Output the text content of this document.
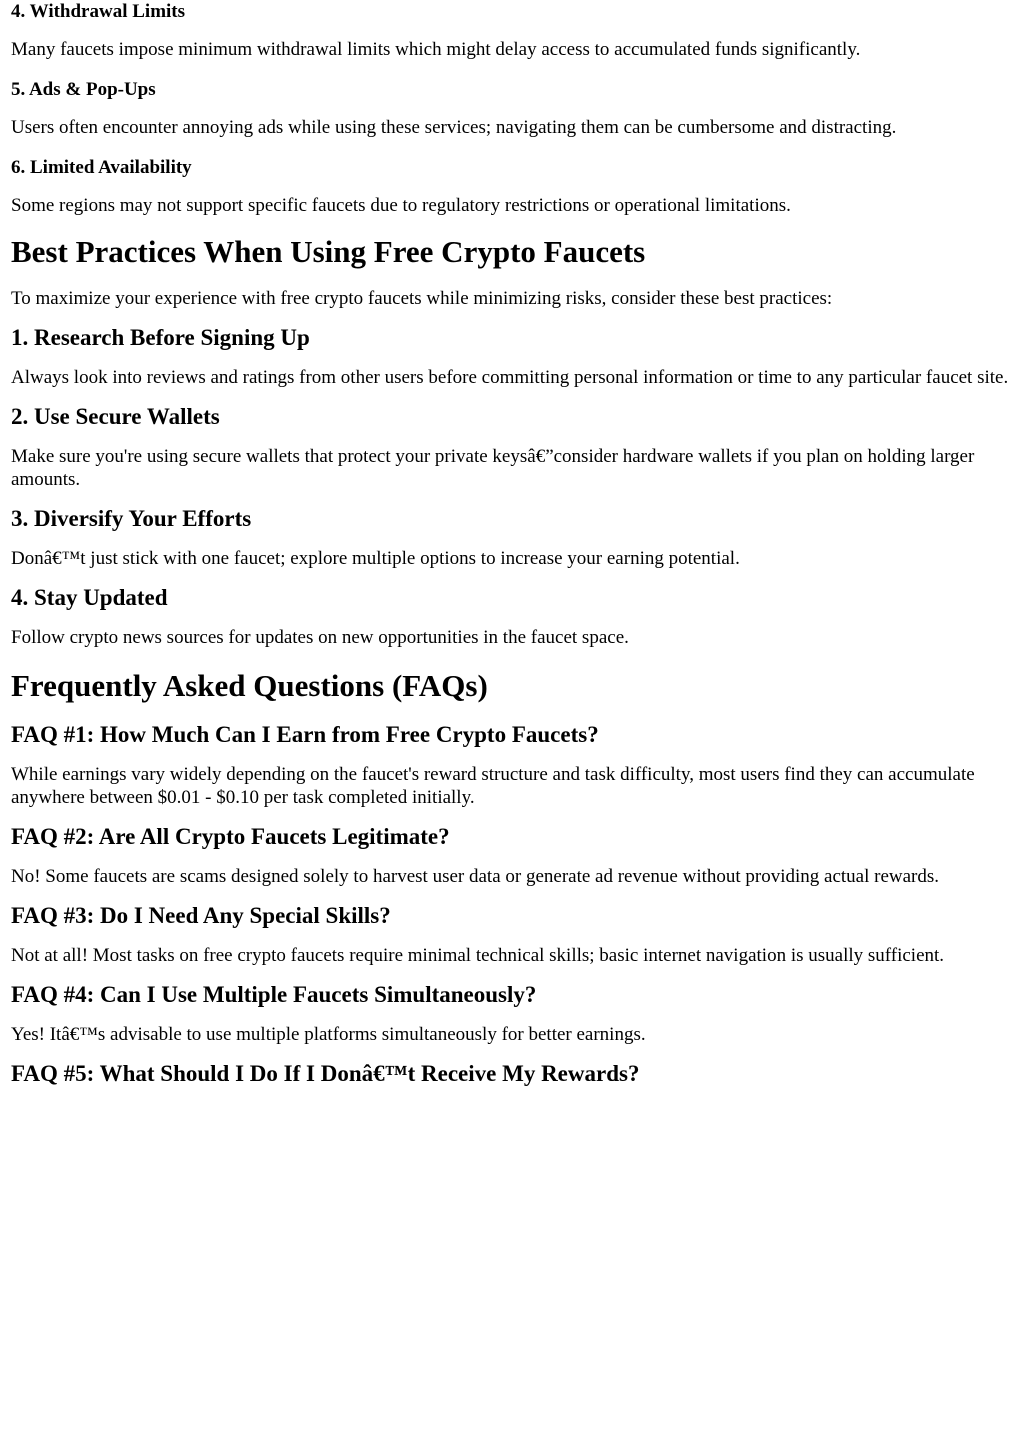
4. Withdrawal Limits

Many faucets impose minimum withdrawal limits which might delay access to accumulated funds significantly.

5. Ads & Pop-Ups

Users often encounter annoying ads while using these services; navigating them can be cumbersome and distracting.

6. Limited Availability

Some regions may not support specific faucets due to regulatory restrictions or operational limitations.

Best Practices When Using Free Crypto Faucets

To maximize your experience with free crypto faucets while minimizing risks, consider these best practices:

1. Research Before Signing Up

Always look into reviews and ratings from other users before committing personal information or time to any particular faucet site.

2. Use Secure Wallets

Make sure you're using secure wallets that protect your private keysâ€”consider hardware wallets if you plan on holding larger amounts.

3. Diversify Your Efforts

Donâ€™t just stick with one faucet; explore multiple options to increase your earning potential.

4. Stay Updated

Follow crypto news sources for updates on new opportunities in the faucet space.

Frequently Asked Questions (FAQs)
FAQ #1: How Much Can I Earn from Free Crypto Faucets?

While earnings vary widely depending on the faucet's reward structure and task difficulty, most users find they can accumulate anywhere between $0.01 - $0.10 per task completed initially.

FAQ #2: Are All Crypto Faucets Legitimate?

No! Some faucets are scams designed solely to harvest user data or generate ad revenue without providing actual rewards.

FAQ #3: Do I Need Any Special Skills?

Not at all! Most tasks on free crypto faucets require minimal technical skills; basic internet navigation is usually sufficient.

FAQ #4: Can I Use Multiple Faucets Simultaneously?

Yes! Itâ€™s advisable to use multiple platforms simultaneously for better earnings.

FAQ #5: What Should I Do If I Donâ€™t Receive My Rewards?
